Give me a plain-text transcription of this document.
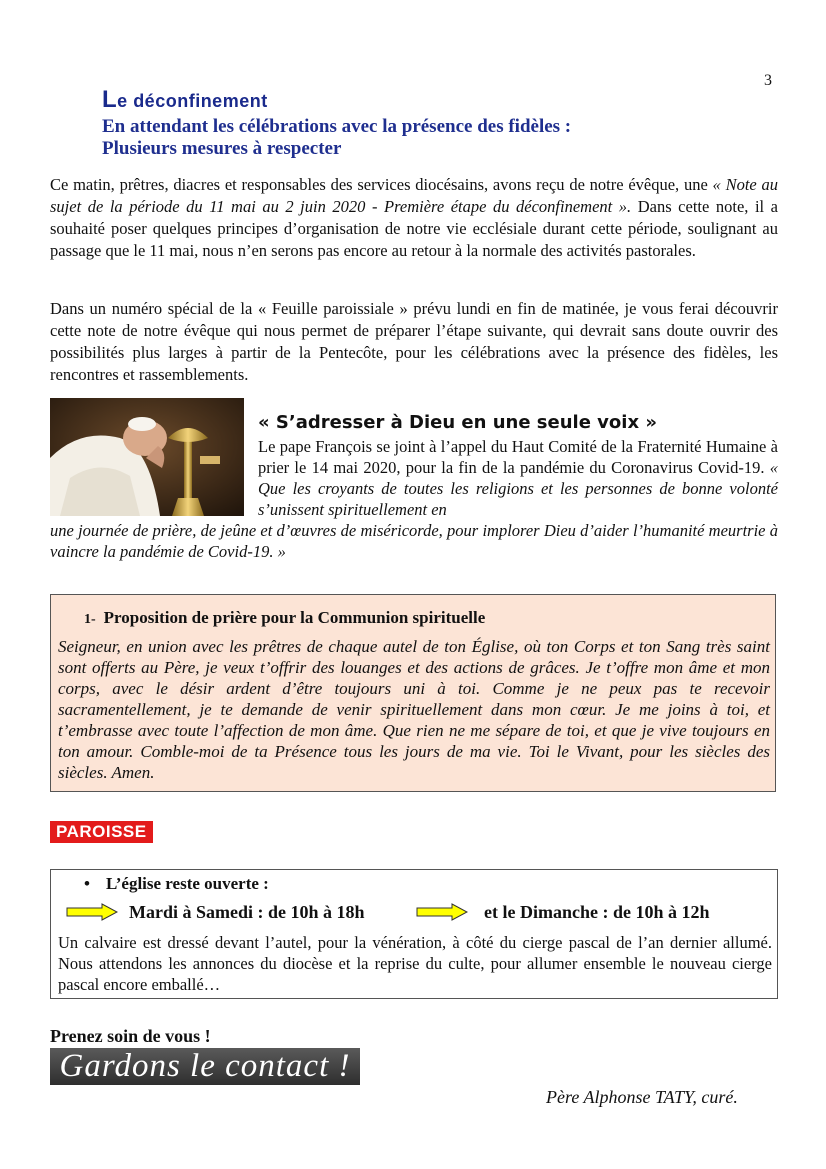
3
Le déconfinement
En attendant les célébrations avec la présence des fidèles :
Plusieurs mesures à respecter

Ce matin, prêtres, diacres et responsables des services diocésains, avons reçu de notre évêque, une « Note au sujet de la période du 11 mai au 2 juin 2020 - Première étape du déconfinement ». Dans cette note, il a souhaité poser quelques principes d’organisation de notre vie ecclésiale durant cette période, soulignant au passage que le 11 mai, nous n’en serons pas encore au retour à la normale des activités pastorales.

Dans un numéro spécial de la « Feuille paroissiale » prévu lundi en fin de matinée, je vous ferai découvrir cette note de notre évêque qui nous permet de préparer l’étape suivante, qui devrait sans doute ouvrir des possibilités plus larges à partir de la Pentecôte, pour les célébrations avec la présence des fidèles, les rencontres et rassemblements.

« S’adresser à Dieu en une seule voix »

Le pape François se joint à l’appel du Haut Comité de la Fraternité Humaine à prier le 14 mai 2020, pour la fin de la pandémie du Coronavirus Covid-19. « Que les croyants de toutes les religions et les personnes de bonne volonté s’unissent spirituellement en

une journée de prière, de jeûne et d’œuvres de miséricorde, pour implorer Dieu d’aider l’humanité meurtrie à vaincre la pandémie de Covid-19. »

1- Proposition de prière pour la Communion spirituelle

Seigneur, en union avec les prêtres de chaque autel de ton Église, où ton Corps et ton Sang très saint sont offerts au Père, je veux t’offrir des louanges et des actions de grâces. Je t’offre mon âme et mon corps, avec le désir ardent d’être toujours uni à toi. Comme je ne peux pas te recevoir sacramentellement, je te demande de venir spirituellement dans mon cœur. Je me joins à toi, et t’embrasse avec toute l’affection de mon âme. Que rien ne me sépare de toi, et que je vive toujours en ton amour. Comble-moi de ta Présence tous les jours de ma vie. Toi le Vivant, pour les siècles des siècles. Amen.

PAROISSE
• L’église reste ouverte :
Mardi à Samedi : de 10h à 18h	et le Dimanche : de 10h à 12h

Un calvaire est dressé devant l’autel, pour la vénération, à côté du cierge pascal de l’an dernier allumé. Nous attendons les annonces du diocèse et la reprise du culte, pour allumer ensemble le nouveau cierge pascal encore emballé…

Prenez soin de vous !
Gardons le contact !
Père Alphonse TATY, curé.
